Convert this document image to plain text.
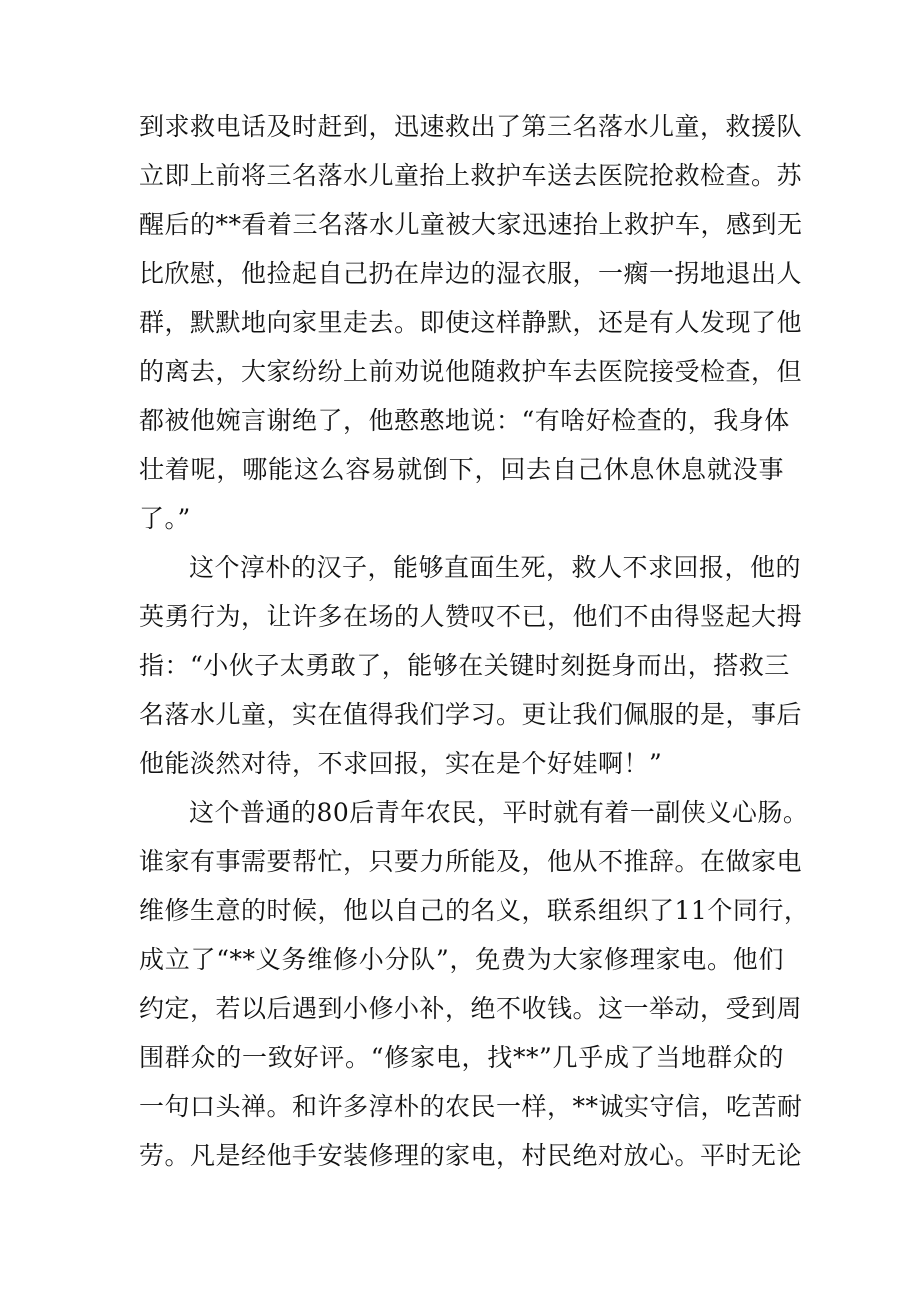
到求救电话及时赶到，迅速救出了第三名落水儿童，救援队
立即上前将三名落水儿童抬上救护车送去医院抢救检查。苏
醒后的**看着三名落水儿童被大家迅速抬上救护车，感到无
比欣慰，他捡起自己扔在岸边的湿衣服，一瘸一拐地退出人
群，默默地向家里走去。即使这样静默，还是有人发现了他
的离去，大家纷纷上前劝说他随救护车去医院接受检查，但
都被他婉言谢绝了，他憨憨地说：“有啥好检查的，我身体
壮着呢，哪能这么容易就倒下，回去自己休息休息就没事
了。”
这个淳朴的汉子，能够直面生死，救人不求回报，他的
英勇行为，让许多在场的人赞叹不已，他们不由得竖起大拇
指：“小伙子太勇敢了，能够在关键时刻挺身而出，搭救三
名落水儿童，实在值得我们学习。更让我们佩服的是，事后
他能淡然对待，不求回报，实在是个好娃啊！”
这个普通的80后青年农民，平时就有着一副侠义心肠。
谁家有事需要帮忙，只要力所能及，他从不推辞。在做家电
维修生意的时候，他以自己的名义，联系组织了11个同行，
成立了“**义务维修小分队”，免费为大家修理家电。他们
约定，若以后遇到小修小补，绝不收钱。这一举动，受到周
围群众的一致好评。“修家电，找**”几乎成了当地群众的
一句口头禅。和许多淳朴的农民一样，**诚实守信，吃苦耐
劳。凡是经他手安装修理的家电，村民绝对放心。平时无论
